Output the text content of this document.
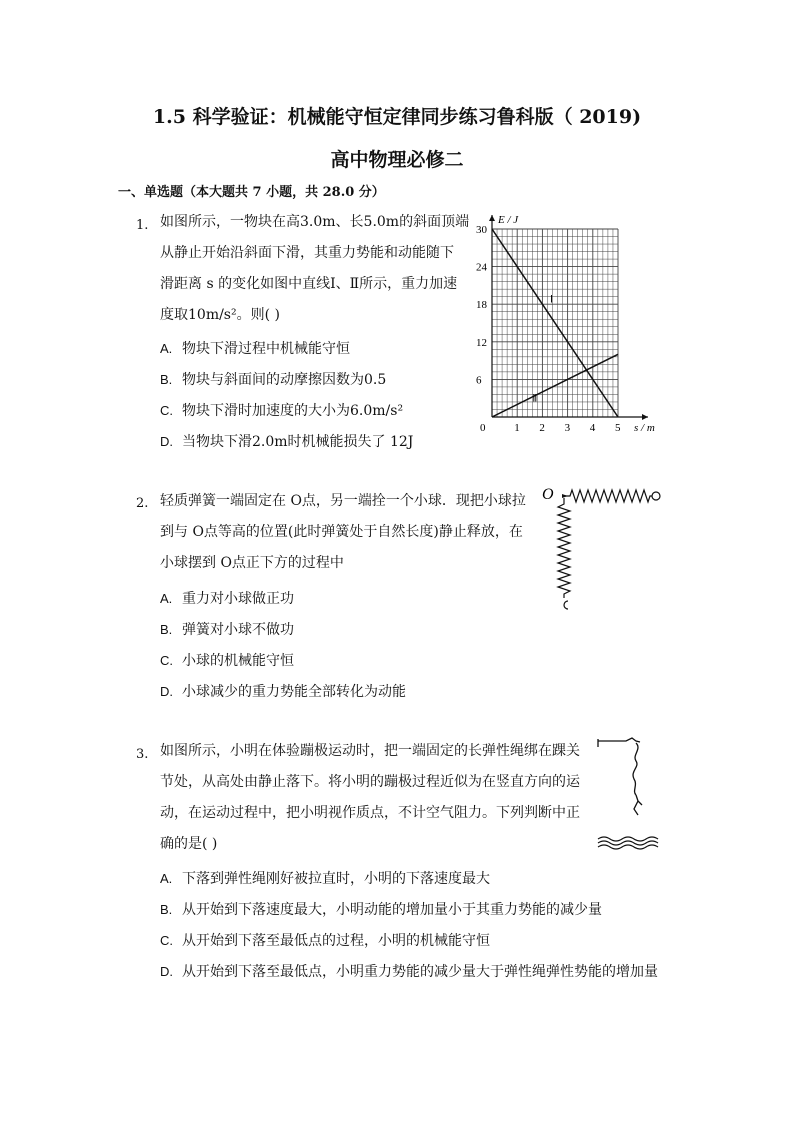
1.5 科学验证：机械能守恒定律同步练习鲁科版（ 2019)
高中物理必修二
一、单选题（本大题共 7 小题，共 28.0 分）
1. 如图所示，一物块在高3.0m、长5.0m的斜面顶端
从静止开始沿斜面下滑，其重力势能和动能随下
滑距离 s 的变化如图中直线Ⅰ、Ⅱ所示，重力加速
度取10m/s²。则( )
A. 物块下滑过程中机械能守恒
B. 物块与斜面间的动摩擦因数为0.5
C. 物块下滑时加速度的大小为6.0m/s²
D. 当物块下滑2.0m时机械能损失了 12J
s / m
E / J
0	1 2 3 4 5
6
12
18
24
30
Ⅰ
Ⅱ
2. 轻质弹簧一端固定在 O点，另一端拴一个小球．现把小球拉
到与 O点等高的位置(此时弹簧处于自然长度)静止释放，在
小球摆到 O点正下方的过程中
A. 重力对小球做正功
B. 弹簧对小球不做功
C. 小球的机械能守恒
D. 小球减少的重力势能全部转化为动能
O
3. 如图所示，小明在体验蹦极运动时，把一端固定的长弹性绳绑在踝关
节处，从高处由静止落下。将小明的蹦极过程近似为在竖直方向的运
动，在运动过程中，把小明视作质点，不计空气阻力。下列判断中正
确的是( )
A. 下落到弹性绳刚好被拉直时，小明的下落速度最大
B. 从开始到下落速度最大，小明动能的增加量小于其重力势能的减少量
C. 从开始到下落至最低点的过程，小明的机械能守恒
D. 从开始到下落至最低点，小明重力势能的减少量大于弹性绳弹性势能的增加量
